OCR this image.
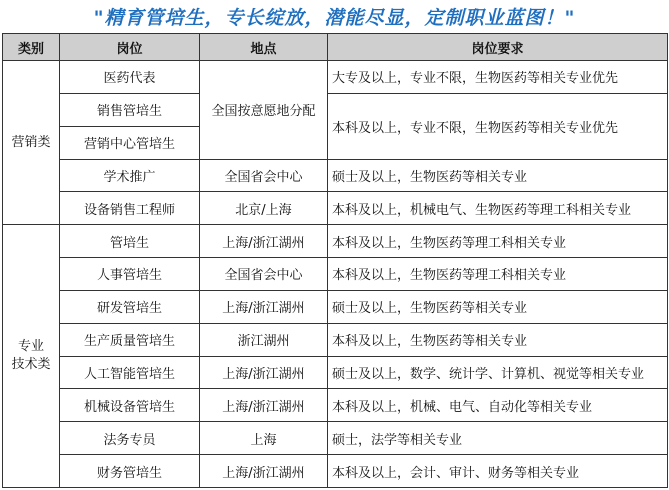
"精育管培生，专长绽放，潜能尽显，定制职业蓝图！"
类别	岗位	地点	岗位要求
营销类	医药代表	全国按意愿地分配	大专及以上，专业不限，生物医药等相关专业优先
	销售管培生		本科及以上，专业不限，生物医药等相关专业优先
	营销中心管培生		
	学术推广	全国省会中心	硕士及以上，生物医药等相关专业
	设备销售工程师	北京/上海	本科及以上，机械电气、生物医药等理工科相关专业
专业
技术类	管培生	上海/浙江湖州	本科及以上，生物医药等理工科相关专业
	人事管培生	全国省会中心	本科及以上，生物医药等理工科相关专业
	研发管培生	上海/浙江湖州	硕士及以上，生物医药等相关专业
	生产质量管培生	浙江湖州	本科及以上，生物医药等相关专业
	人工智能管培生	上海/浙江湖州	硕士及以上，数学、统计学、计算机、视觉等相关专业
	机械设备管培生	上海/浙江湖州	本科及以上，机械、电气、自动化等相关专业
	法务专员	上海	硕士，法学等相关专业
	财务管培生	上海/浙江湖州	本科及以上，会计、审计、财务等相关专业
